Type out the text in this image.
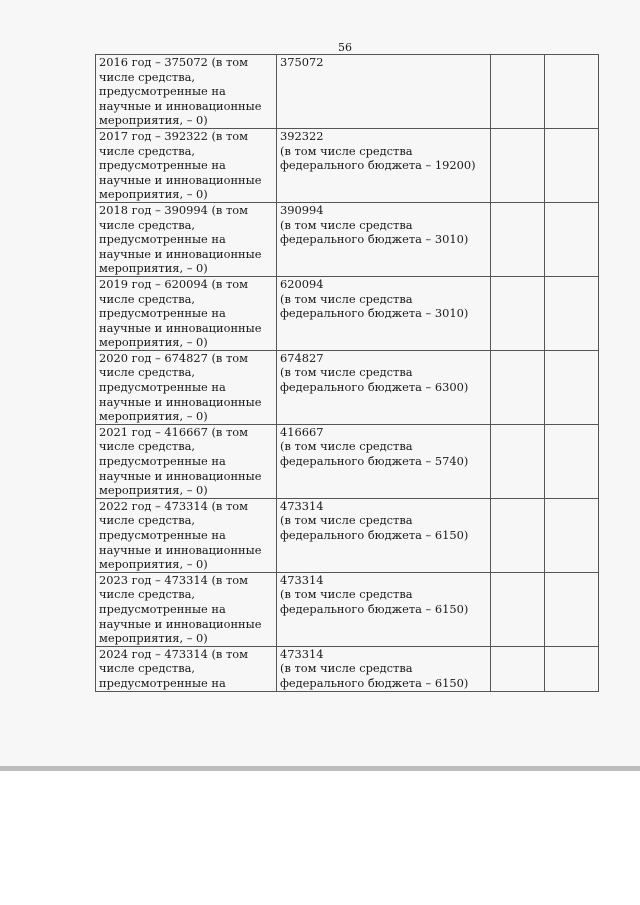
56
2016 год – 375072 (в том
числе средства,
предусмотренные на
научные и инновационные
мероприятия, – 0)	375072		

2017 год – 392322 (в том
числе средства,
предусмотренные на
научные и инновационные
мероприятия, – 0)	392322
(в том числе средства
федерального бюджета – 19200)		

2018 год – 390994 (в том
числе средства,
предусмотренные на
научные и инновационные
мероприятия, – 0)	390994
(в том числе средства
федерального бюджета – 3010)		

2019 год – 620094 (в том
числе средства,
предусмотренные на
научные и инновационные
мероприятия, – 0)	620094
(в том числе средства
федерального бюджета – 3010)		

2020 год – 674827 (в том
числе средства,
предусмотренные на
научные и инновационные
мероприятия, – 0)	674827
(в том числе средства
федерального бюджета – 6300)		

2021 год – 416667 (в том
числе средства,
предусмотренные на
научные и инновационные
мероприятия, – 0)	416667
(в том числе средства
федерального бюджета – 5740)		

2022 год – 473314 (в том
числе средства,
предусмотренные на
научные и инновационные
мероприятия, – 0)	473314
(в том числе средства
федерального бюджета – 6150)		

2023 год – 473314 (в том
числе средства,
предусмотренные на
научные и инновационные
мероприятия, – 0)	473314
(в том числе средства
федерального бюджета – 6150)		

2024 год – 473314 (в том
числе средства,
предусмотренные на	473314
(в том числе средства
федерального бюджета – 6150)		
